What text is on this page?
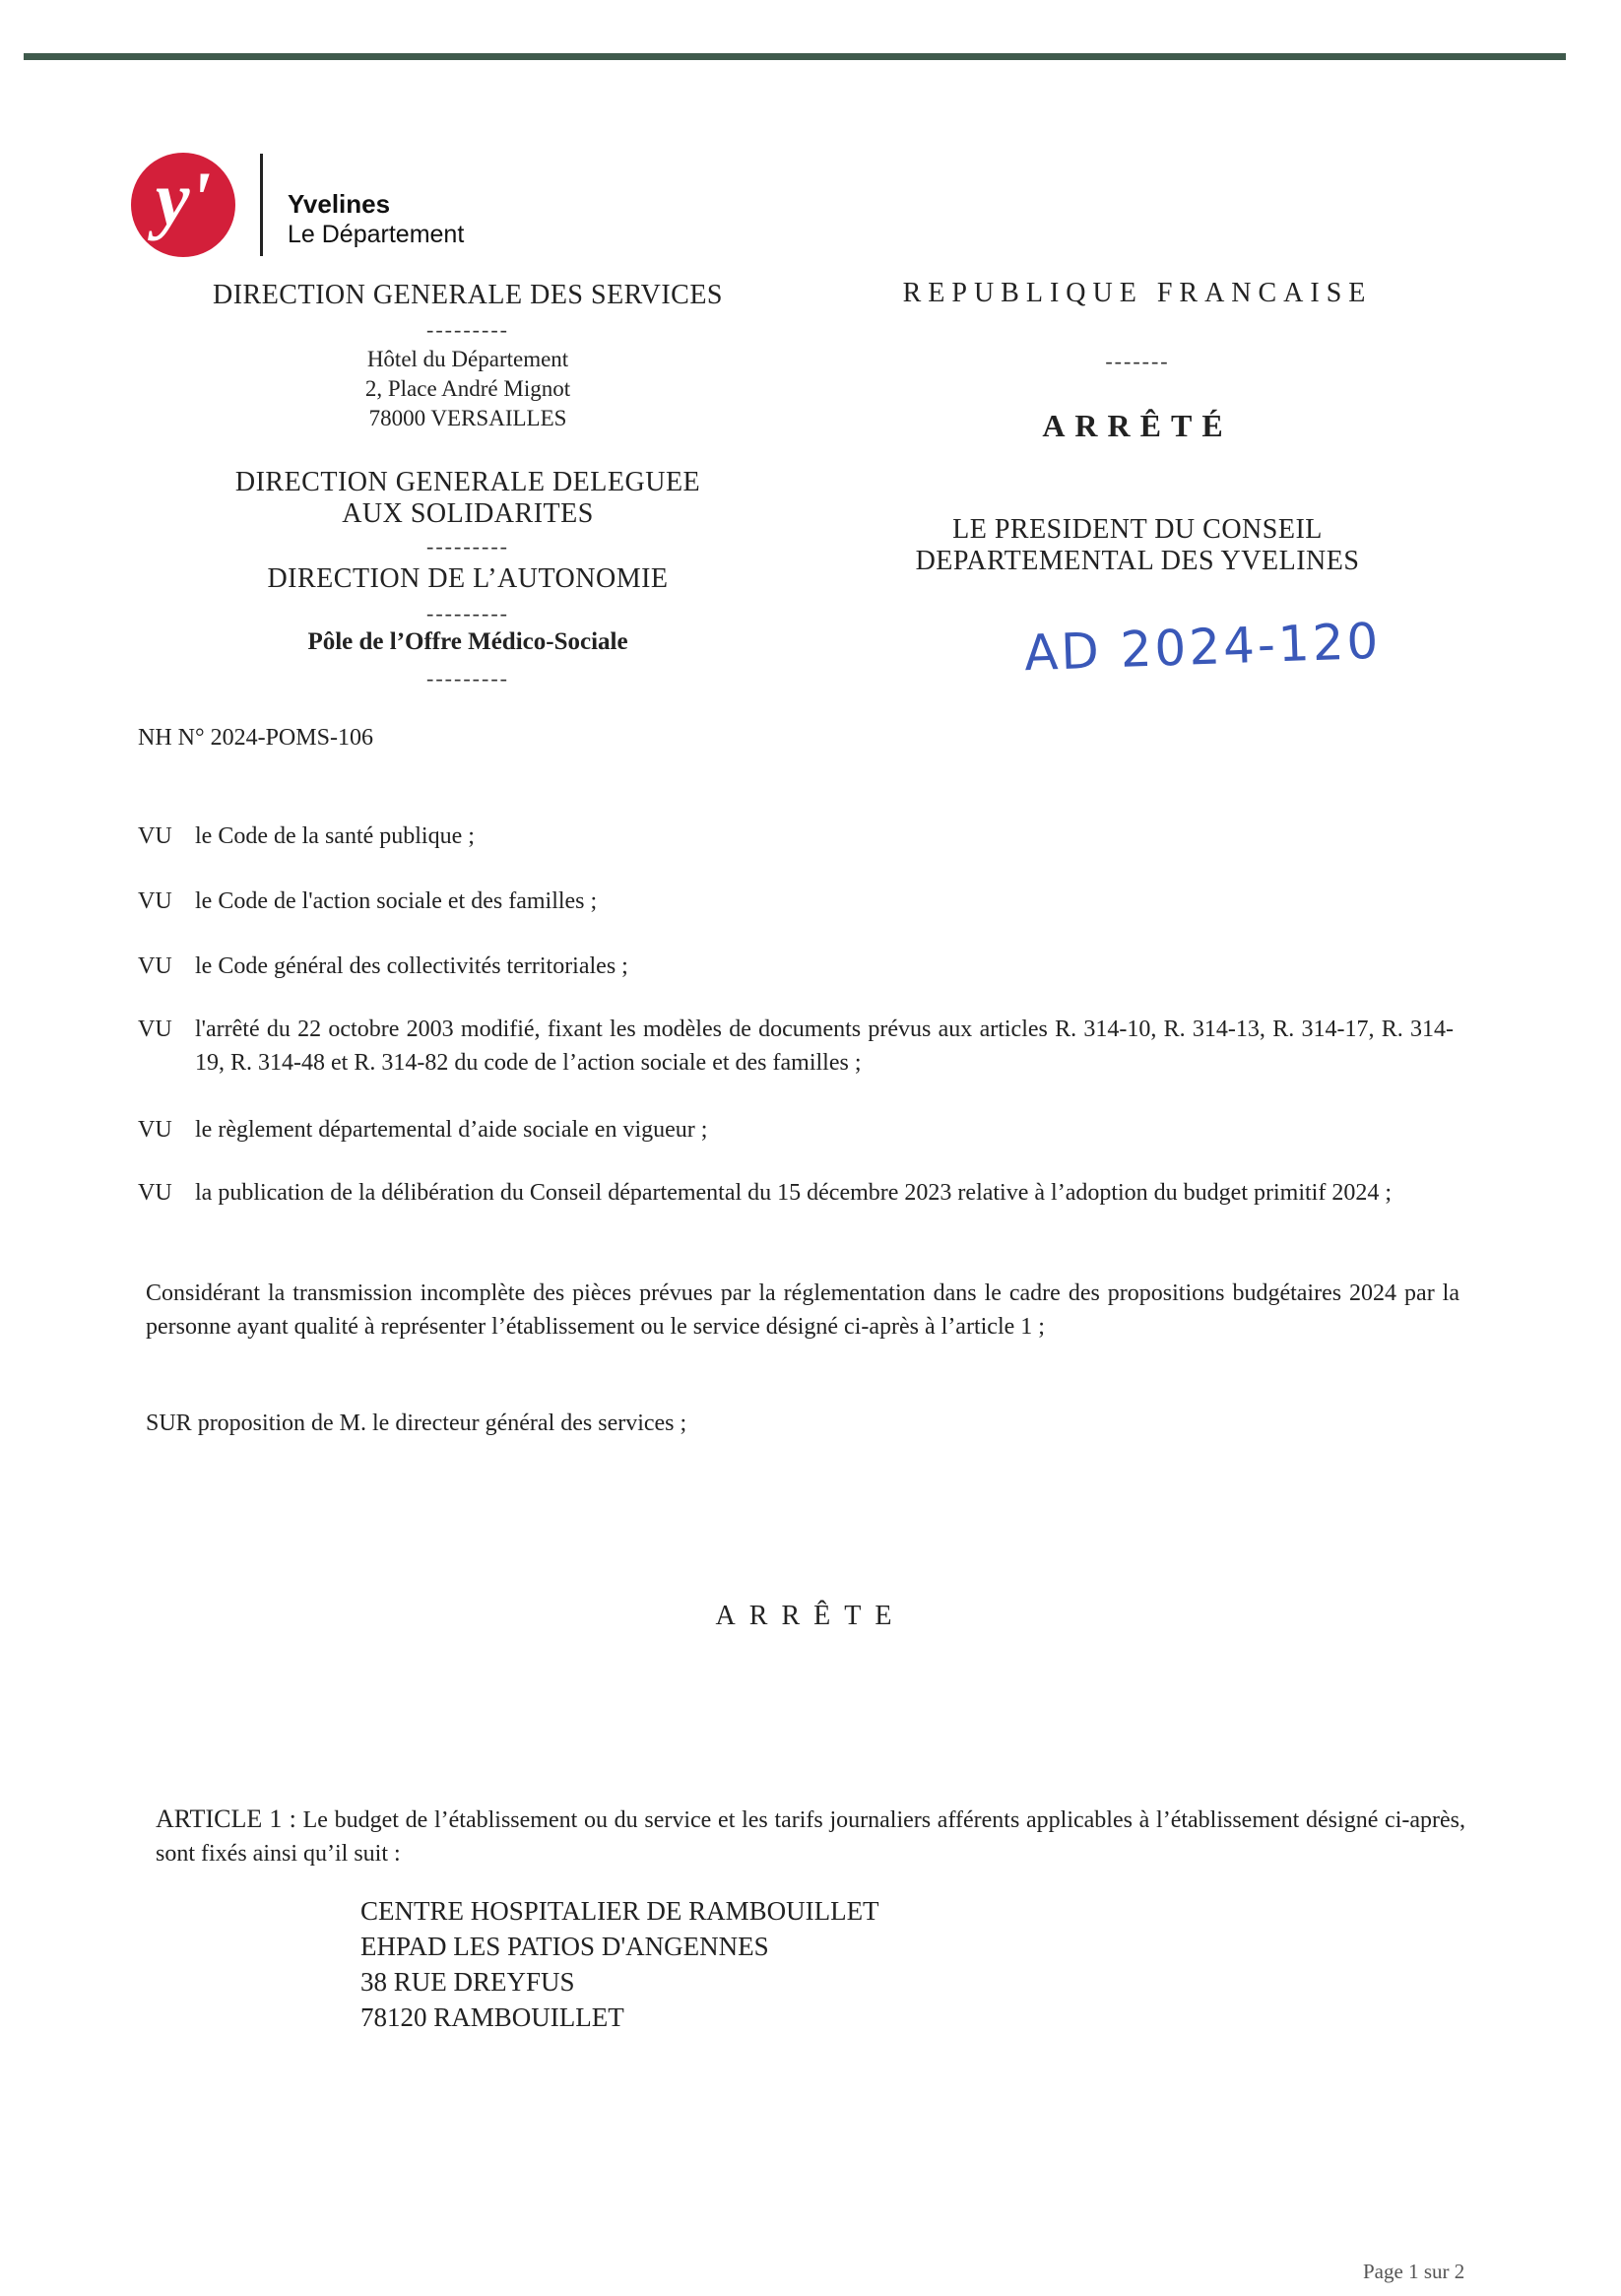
y'	Yvelines
Le Département
DIRECTION GENERALE DES SERVICES
---------
Hôtel du Département
2, Place André Mignot
78000 VERSAILLES
DIRECTION GENERALE DELEGUEE
AUX SOLIDARITES
---------
DIRECTION DE L’AUTONOMIE
---------
Pôle de l’Offre Médico-Sociale
---------
REPUBLIQUE FRANCAISE
-------
ARRÊTÉ
LE PRESIDENT DU CONSEIL
DEPARTEMENTAL DES YVELINES
AD 2024-120
NH N° 2024-POMS-106
VU le Code de la santé publique ;
VU le Code de l'action sociale et des familles ;
VU le Code général des collectivités territoriales ;
VU l'arrêté du 22 octobre 2003 modifié, fixant les modèles de documents prévus aux articles R. 314-10, R. 314-13, R. 314-17, R. 314-19, R. 314-48 et R. 314-82 du code de l’action sociale et des familles ;
VU le règlement départemental d’aide sociale en vigueur ;
VU la publication de la délibération du Conseil départemental du 15 décembre 2023 relative à l’adoption du budget primitif 2024 ;
Considérant la transmission incomplète des pièces prévues par la réglementation dans le cadre des propositions budgétaires 2024 par la personne ayant qualité à représenter l’établissement ou le service désigné ci-après à l’article 1 ;
SUR proposition de M. le directeur général des services ;
ARRÊTE
ARTICLE 1 : Le budget de l’établissement ou du service et les tarifs journaliers afférents applicables à l’établissement désigné ci-après, sont fixés ainsi qu’il suit :
CENTRE HOSPITALIER DE RAMBOUILLET
EHPAD LES PATIOS D'ANGENNES
38 RUE DREYFUS
78120 RAMBOUILLET
Page 1 sur 2
